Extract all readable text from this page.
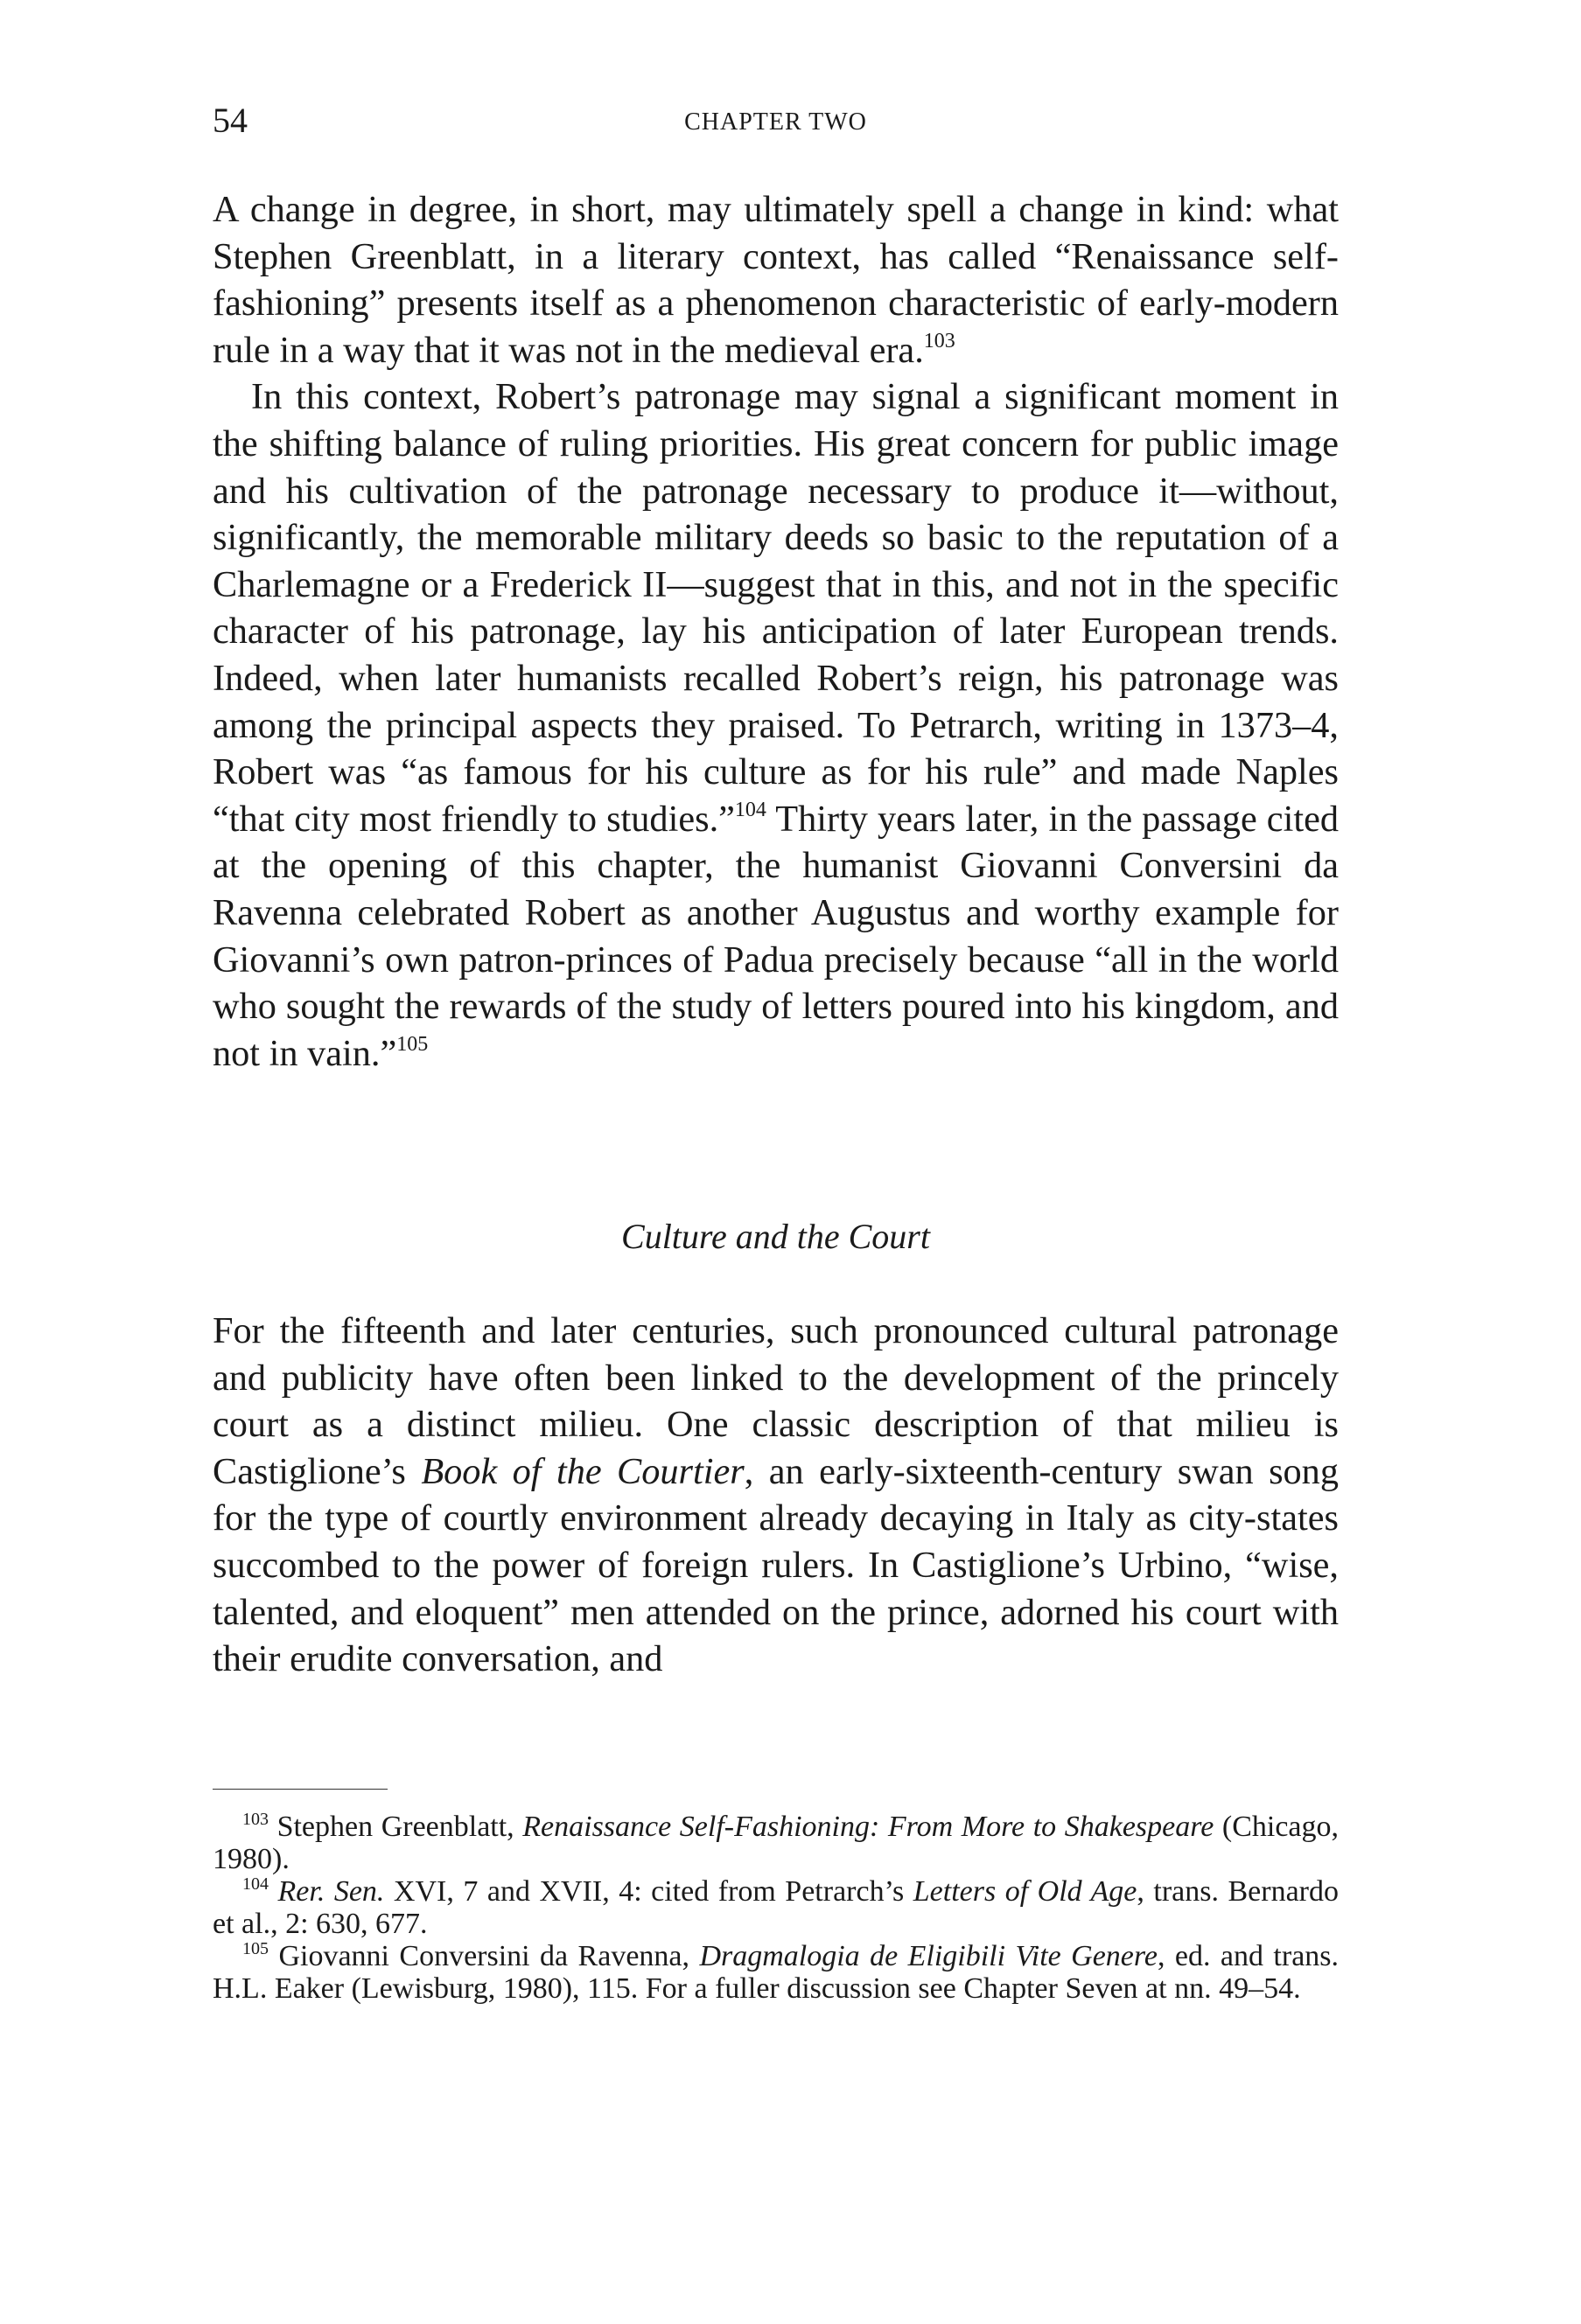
54	CHAPTER TWO

A change in degree, in short, may ultimately spell a change in kind: what Stephen Greenblatt, in a literary context, has called “Renaissance self-fashioning” presents itself as a phenomenon characteristic of early-modern rule in a way that it was not in the medieval era.$^{103}$

In this context, Robert’s patronage may signal a significant moment in the shifting balance of ruling priorities. His great concern for public image and his cultivation of the patronage necessary to produce it—without, significantly, the memorable military deeds so basic to the reputation of a Charlemagne or a Frederick II—suggest that in this, and not in the specific character of his patronage, lay his anticipation of later European trends. Indeed, when later humanists recalled Robert’s reign, his patronage was among the principal aspects they praised. To Petrarch, writing in 1373–4, Robert was “as famous for his culture as for his rule” and made Naples “that city most friendly to studies.”$^{104}$ Thirty years later, in the passage cited at the opening of this chapter, the humanist Giovanni Conversini da Ravenna celebrated Robert as another Augustus and worthy example for Giovanni’s own patron-princes of Padua precisely because “all in the world who sought the rewards of the study of letters poured into his kingdom, and not in vain.”$^{105}$

Culture and the Court

For the fifteenth and later centuries, such pronounced cultural patronage and publicity have often been linked to the development of the princely court as a distinct milieu. One classic description of that milieu is Castiglione’s Book of the Courtier, an early-sixteenth-century swan song for the type of courtly environment already decaying in Italy as city-states succombed to the power of foreign rulers. In Castiglione’s Urbino, “wise, talented, and eloquent” men attended on the prince, adorned his court with their erudite conversation, and

$^{103}$ Stephen Greenblatt, Renaissance Self-Fashioning: From More to Shakespeare (Chicago, 1980).

$^{104}$ Rer. Sen. XVI, 7 and XVII, 4: cited from Petrarch’s Letters of Old Age, trans. Bernardo et al., 2: 630, 677.

$^{105}$ Giovanni Conversini da Ravenna, Dragmalogia de Eligibili Vite Genere, ed. and trans. H.L. Eaker (Lewisburg, 1980), 115. For a fuller discussion see Chapter Seven at nn. 49–54.
